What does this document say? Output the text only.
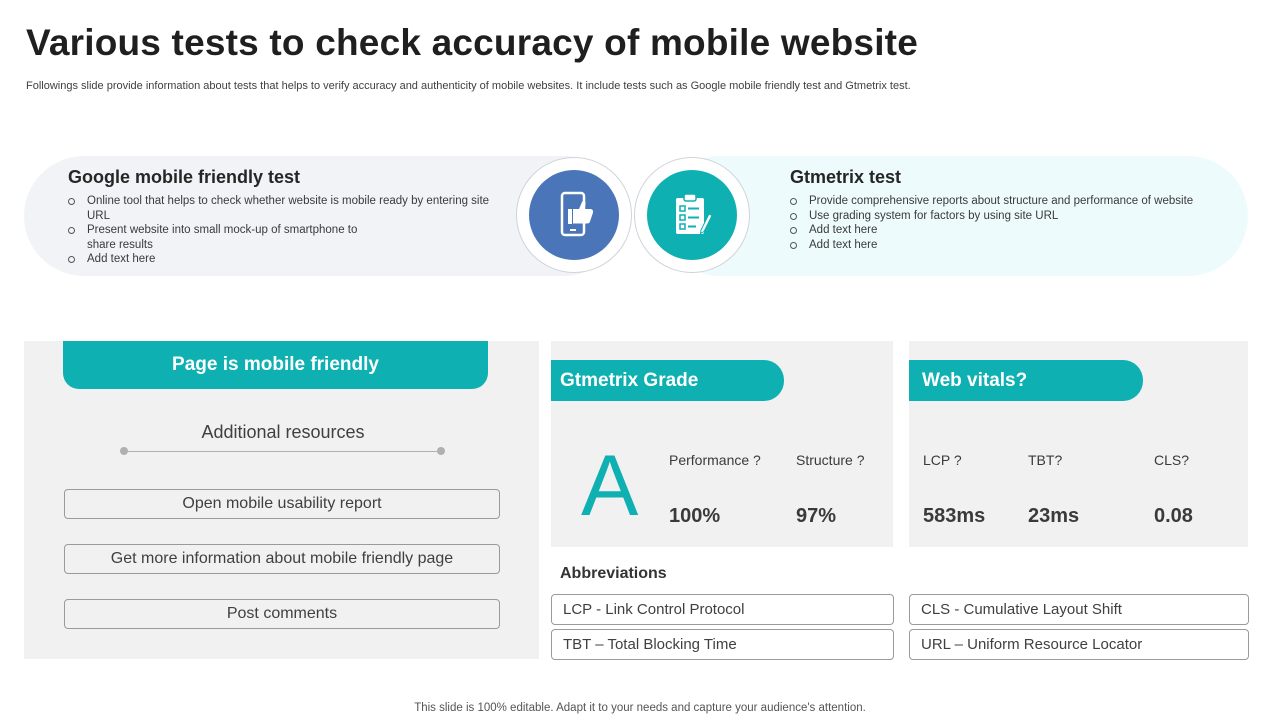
Various tests to check accuracy of mobile website
Followings slide provide information about tests that helps to verify accuracy and authenticity of mobile websites. It include tests such as Google mobile friendly test and Gtmetrix test.
Google mobile friendly test
Online tool that helps to check whether website is mobile ready by entering site URL
Present website into small mock-up of smartphone to share results
Add text here
Gtmetrix test
Provide comprehensive reports about structure and performance of website
Use grading system for factors by using site URL
Add text here
Add text here
Page is mobile friendly
Additional resources
Open mobile usability report
Get more information about mobile friendly page
Post comments
Gtmetrix Grade
A Performance ?
100%
Structure ?
97%
Web vitals?
LCP ?
583ms
TBT?
23ms
CLS?
0.08
Abbreviations
LCP - Link Control Protocol	CLS - Cumulative Layout Shift
TBT – Total Blocking Time	URL – Uniform Resource Locator
This slide is 100% editable. Adapt it to your needs and capture your audience's attention.
